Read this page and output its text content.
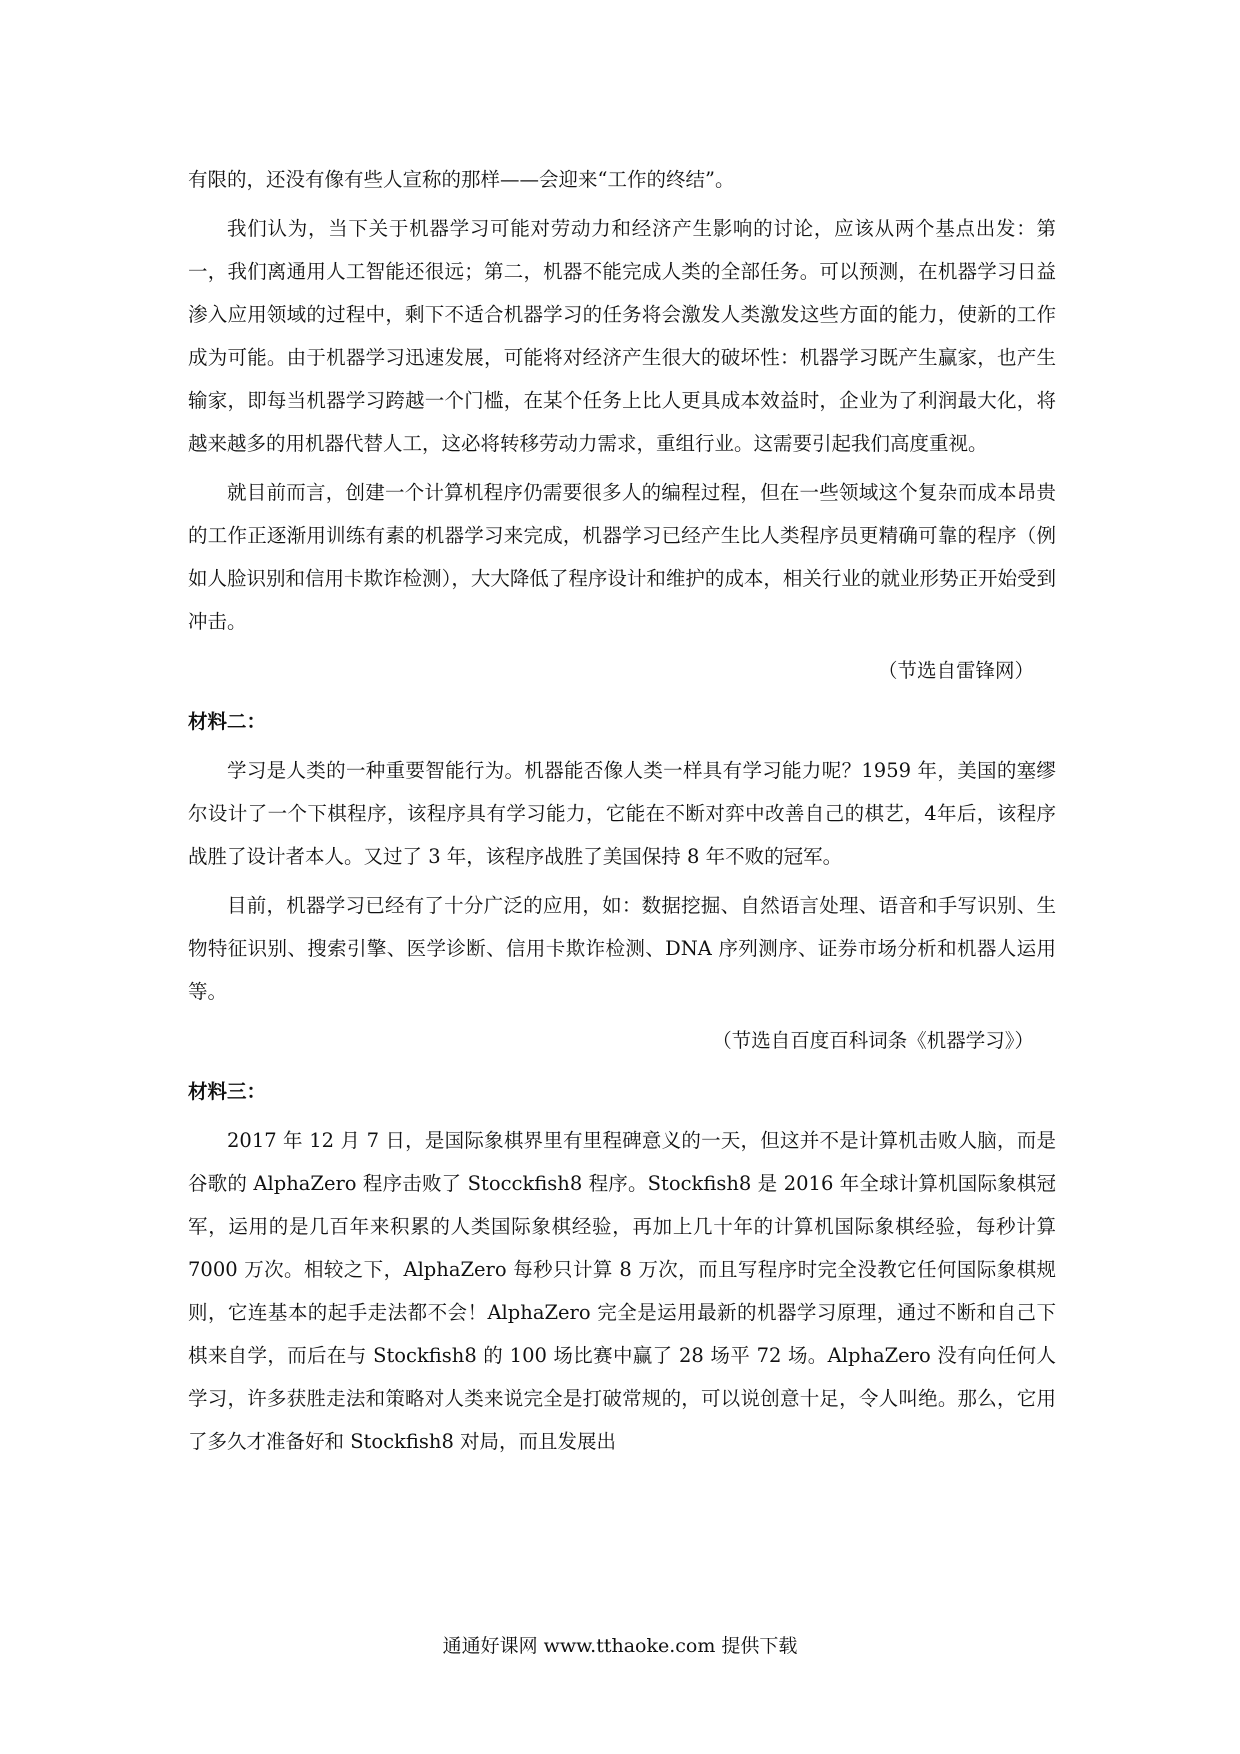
有限的，还没有像有些人宣称的那样——会迎来“工作的终结”。

我们认为，当下关于机器学习可能对劳动力和经济产生影响的讨论，应该从两个基点出发：第一，我们离通用人工智能还很远；第二，机器不能完成人类的全部任务。可以预测，在机器学习日益渗入应用领域的过程中，剩下不适合机器学习的任务将会激发人类激发这些方面的能力，使新的工作成为可能。由于机器学习迅速发展，可能将对经济产生很大的破坏性：机器学习既产生赢家，也产生输家，即每当机器学习跨越一个门槛，在某个任务上比人更具成本效益时，企业为了利润最大化，将越来越多的用机器代替人工，这必将转移劳动力需求，重组行业。这需要引起我们高度重视。

就目前而言，创建一个计算机程序仍需要很多人的编程过程，但在一些领域这个复杂而成本昂贵的工作正逐渐用训练有素的机器学习来完成，机器学习已经产生比人类程序员更精确可靠的程序（例如人脸识别和信用卡欺诈检测），大大降低了程序设计和维护的成本，相关行业的就业形势正开始受到冲击。

（节选自雷锋网）

材料二：

学习是人类的一种重要智能行为。机器能否像人类一样具有学习能力呢？1959 年，美国的塞缪尔设计了一个下棋程序，该程序具有学习能力，它能在不断对弈中改善自己的棋艺，4年后，该程序战胜了设计者本人。又过了 3 年，该程序战胜了美国保持 8 年不败的冠军。

目前，机器学习已经有了十分广泛的应用，如：数据挖掘、自然语言处理、语音和手写识别、生物特征识别、搜索引擎、医学诊断、信用卡欺诈检测、DNA 序列测序、证券市场分析和机器人运用等。

（节选自百度百科词条《机器学习》）

材料三：

2017 年 12 月 7 日，是国际象棋界里有里程碑意义的一天，但这并不是计算机击败人脑，而是谷歌的 AlphaZero 程序击败了 Stocckfish8 程序。Stockfish8 是 2016 年全球计算机国际象棋冠军，运用的是几百年来积累的人类国际象棋经验，再加上几十年的计算机国际象棋经验，每秒计算 7000 万次。相较之下，AlphaZero 每秒只计算 8 万次，而且写程序时完全没教它任何国际象棋规则，它连基本的起手走法都不会！AlphaZero 完全是运用最新的机器学习原理，通过不断和自己下棋来自学，而后在与 Stockfish8 的 100 场比赛中赢了 28 场平 72 场。AlphaZero 没有向任何人学习，许多获胜走法和策略对人类来说完全是打破常规的，可以说创意十足，令人叫绝。那么，它用了多久才准备好和 Stockfish8 对局，而且发展出

通通好课网 www.tthaoke.com 提供下载
